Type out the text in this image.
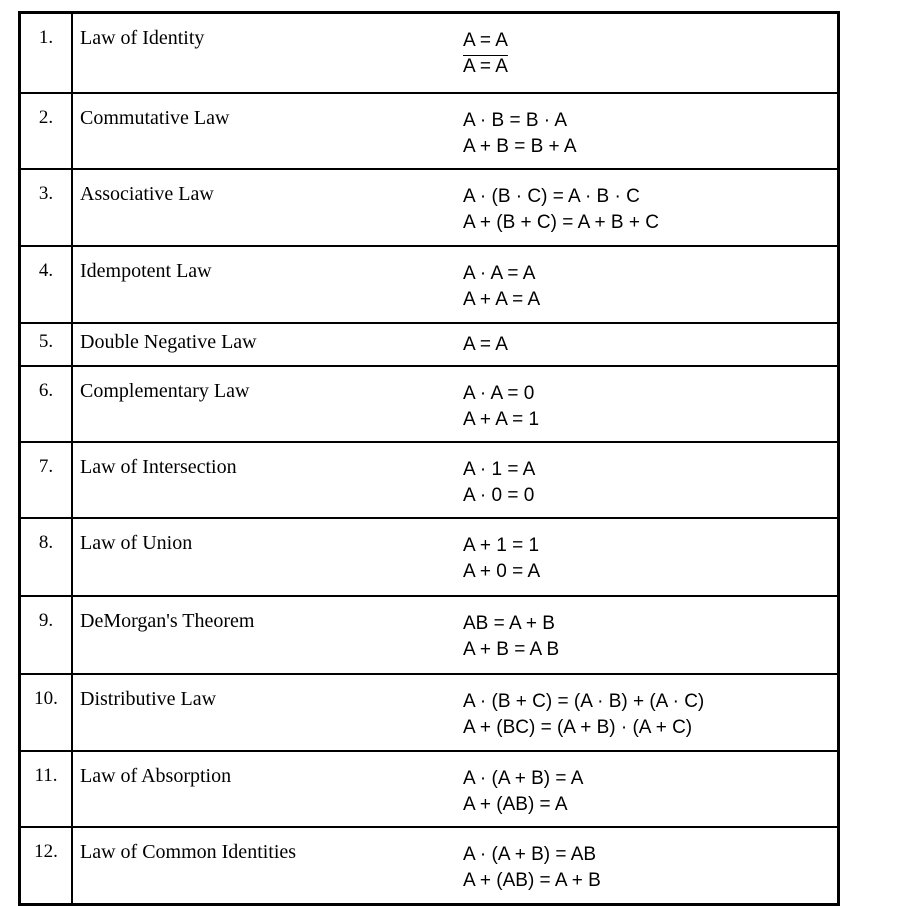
1.	Law of Identity	A = A
A = A

2.	Commutative Law	A · B = B · A
A + B = B + A

3.	Associative Law	A · (B · C) = A · B · C
A + (B + C) = A + B + C

4.	Idempotent Law	A · A = A
A + A = A

5.	Double Negative Law	A = A

6.	Complementary Law	A · A = 0
A + A = 1

7.	Law of Intersection	A · 1 = A
A · 0 = 0

8.	Law of Union	A + 1 = 1
A + 0 = A

9.	DeMorgan's Theorem	AB = A + B
A + B = A B

10.	Distributive Law	A · (B + C) = (A · B) + (A · C)
A + (BC) = (A + B) · (A + C)

11.	Law of Absorption	A · (A + B) = A
A + (AB) = A

12.	Law of Common Identities	A · (A + B) = AB
A + (AB) = A + B
